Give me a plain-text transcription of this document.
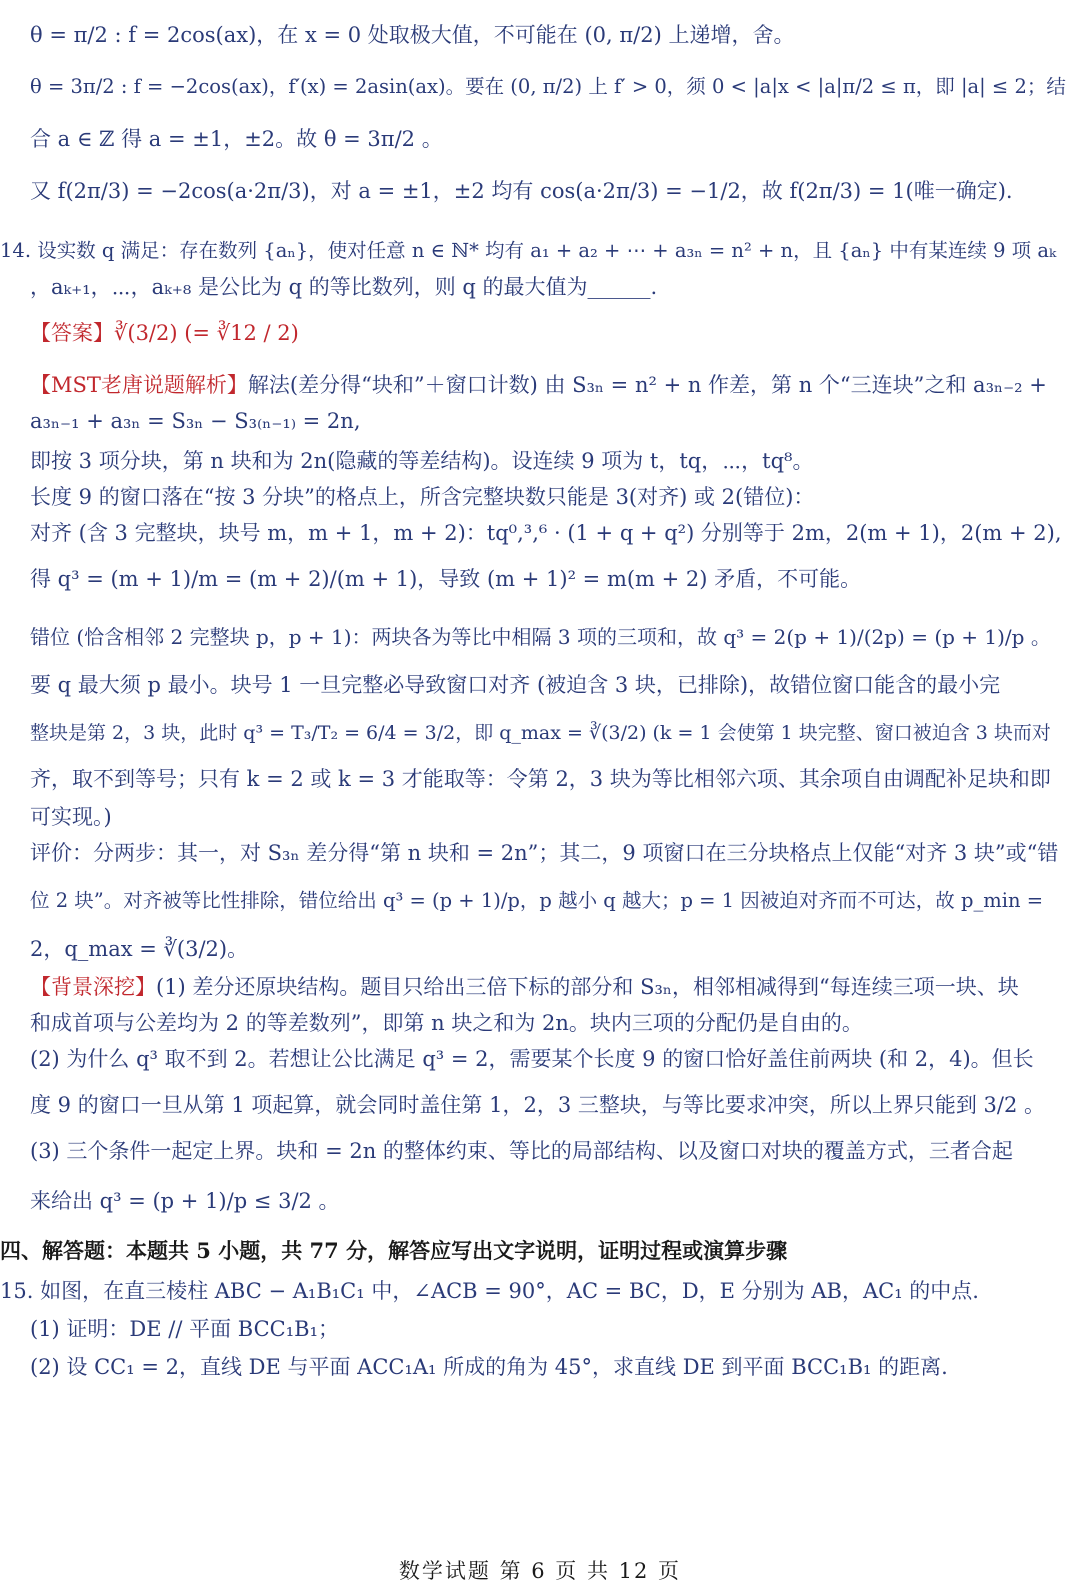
θ = π/2 : f = 2cos(ax)，在 x = 0 处取极大值，不可能在 (0, π/2) 上递增，舍。
θ = 3π/2 : f = −2cos(ax)，f′(x) = 2asin(ax)。要在 (0, π/2) 上 f′ > 0，须 0 < |a|x < |a|π/2 ≤ π，即 |a| ≤ 2；结
合 a ∈ ℤ 得 a = ±1，±2。故 θ = 3π/2 。
又 f(2π/3) = −2cos(a·2π/3)，对 a = ±1，±2 均有 cos(a·2π/3) = −1/2，故 f(2π/3) = 1(唯一确定).
14. 设实数 q 满足：存在数列 {aₙ}，使对任意 n ∈ ℕ* 均有 a₁ + a₂ + ⋯ + a₃ₙ = n² + n，且 {aₙ} 中有某连续 9 项 aₖ
，aₖ₊₁，⋯，aₖ₊₈ 是公比为 q 的等比数列，则 q 的最大值为______.
【答案】∛(3/2) (= ∛12 / 2)
【MST老唐说题解析】解法(差分得“块和”＋窗口计数) 由 S₃ₙ = n² + n 作差，第 n 个“三连块”之和 a₃ₙ₋₂ +
a₃ₙ₋₁ + a₃ₙ = S₃ₙ − S₃₍ₙ₋₁₎ = 2n,
即按 3 项分块，第 n 块和为 2n(隐藏的等差结构)。设连续 9 项为 t，tq，⋯，tq⁸。
长度 9 的窗口落在“按 3 分块”的格点上，所含完整块数只能是 3(对齐) 或 2(错位)：
对齐 (含 3 完整块，块号 m，m + 1，m + 2)：tq⁰,³,⁶ · (1 + q + q²) 分别等于 2m，2(m + 1)，2(m + 2),
得 q³ = (m + 1)/m = (m + 2)/(m + 1)，导致 (m + 1)² = m(m + 2) 矛盾，不可能。
错位 (恰含相邻 2 完整块 p，p + 1)：两块各为等比中相隔 3 项的三项和，故 q³ = 2(p + 1)/(2p) = (p + 1)/p 。
要 q 最大须 p 最小。块号 1 一旦完整必导致窗口对齐 (被迫含 3 块，已排除)，故错位窗口能含的最小完
整块是第 2，3 块，此时 q³ = T₃/T₂ = 6/4 = 3/2，即 q_max = ∛(3/2) (k = 1 会使第 1 块完整、窗口被迫含 3 块而对
齐，取不到等号；只有 k = 2 或 k = 3 才能取等：令第 2，3 块为等比相邻六项、其余项自由调配补足块和即
可实现。)
评价：分两步：其一，对 S₃ₙ 差分得“第 n 块和 = 2n”；其二，9 项窗口在三分块格点上仅能“对齐 3 块”或“错
位 2 块”。对齐被等比性排除，错位给出 q³ = (p + 1)/p，p 越小 q 越大；p = 1 因被迫对齐而不可达，故 p_min =
2，q_max = ∛(3/2)。
【背景深挖】(1) 差分还原块结构。题目只给出三倍下标的部分和 S₃ₙ，相邻相减得到“每连续三项一块、块
和成首项与公差均为 2 的等差数列”，即第 n 块之和为 2n。块内三项的分配仍是自由的。
(2) 为什么 q³ 取不到 2。若想让公比满足 q³ = 2，需要某个长度 9 的窗口恰好盖住前两块 (和 2，4)。但长
度 9 的窗口一旦从第 1 项起算，就会同时盖住第 1，2，3 三整块，与等比要求冲突，所以上界只能到 3/2 。
(3) 三个条件一起定上界。块和 = 2n 的整体约束、等比的局部结构、以及窗口对块的覆盖方式，三者合起
来给出 q³ = (p + 1)/p ≤ 3/2 。
四、解答题：本题共 5 小题，共 77 分，解答应写出文字说明，证明过程或演算步骤
15. 如图，在直三棱柱 ABC − A₁B₁C₁ 中，∠ACB = 90°，AC = BC，D，E 分别为 AB，AC₁ 的中点.
(1) 证明：DE // 平面 BCC₁B₁；
(2) 设 CC₁ = 2，直线 DE 与平面 ACC₁A₁ 所成的角为 45°，求直线 DE 到平面 BCC₁B₁ 的距离.
数学试题 第 6 页 共 12 页
